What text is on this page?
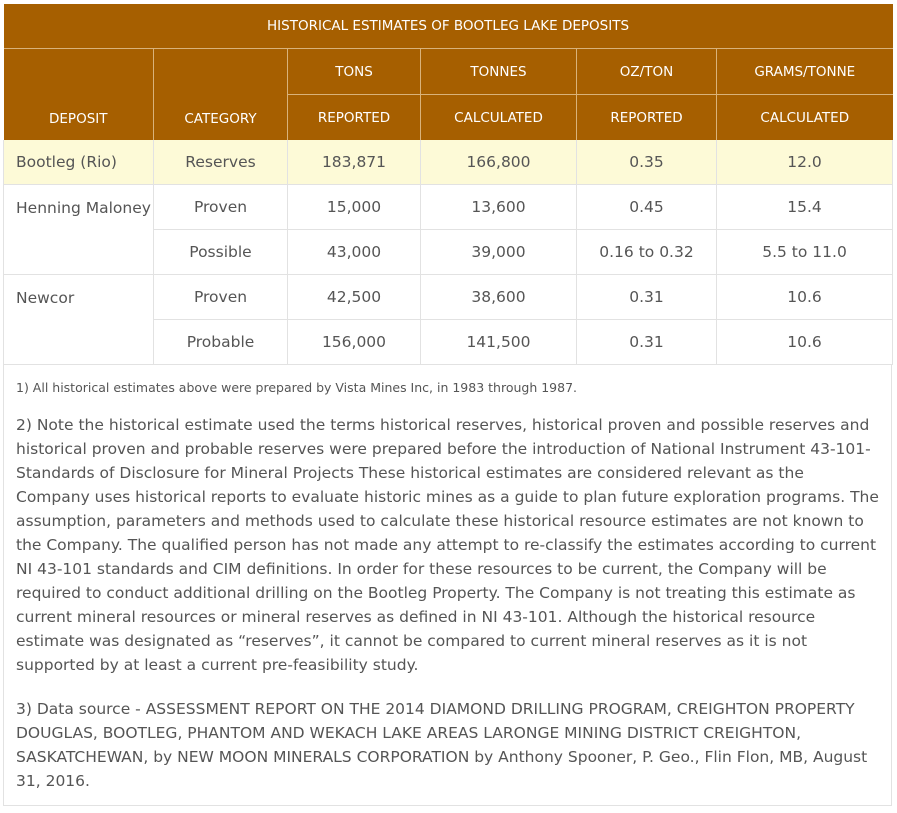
HISTORICAL ESTIMATES OF BOOTLEG LAKE DEPOSITS					
DEPOSIT	CATEGORY	TONS	TONNES	OZ/TON	GRAMS/TONNE
		REPORTED	CALCULATED	REPORTED	CALCULATED
Bootleg (Rio)	Reserves	183,871	166,800	0.35	12.0
Henning Maloney	Proven	15,000	13,600	0.45	15.4
	Possible	43,000	39,000	0.16 to 0.32	5.5 to 11.0
Newcor	Proven	42,500	38,600	0.31	10.6
	Probable	156,000	141,500	0.31	10.6
1) All historical estimates above were prepared by Vista Mines Inc, in 1983 through 1987.
2) Note the historical estimate used the terms historical reserves, historical proven and possible reserves and historical proven and probable reserves were prepared before the introduction of National Instrument 43-101-Standards of Disclosure for Mineral Projects These historical estimates are considered relevant as the Company uses historical reports to evaluate historic mines as a guide to plan future exploration programs. The assumption, parameters and methods used to calculate these historical resource estimates are not known to the Company. The qualified person has not made any attempt to re-classify the estimates according to current NI 43-101 standards and CIM definitions. In order for these resources to be current, the Company will be required to conduct additional drilling on the Bootleg Property. The Company is not treating this estimate as current mineral resources or mineral reserves as defined in NI 43-101. Although the historical resource estimate was designated as “reserves”, it cannot be compared to current mineral reserves as it is not supported by at least a current pre-feasibility study.
3) Data source - ASSESSMENT REPORT ON THE 2014 DIAMOND DRILLING PROGRAM, CREIGHTON PROPERTY DOUGLAS, BOOTLEG, PHANTOM AND WEKACH LAKE AREAS LARONGE MINING DISTRICT CREIGHTON, SASKATCHEWAN, by NEW MOON MINERALS CORPORATION by Anthony Spooner, P. Geo., Flin Flon, MB, August 31, 2016.
